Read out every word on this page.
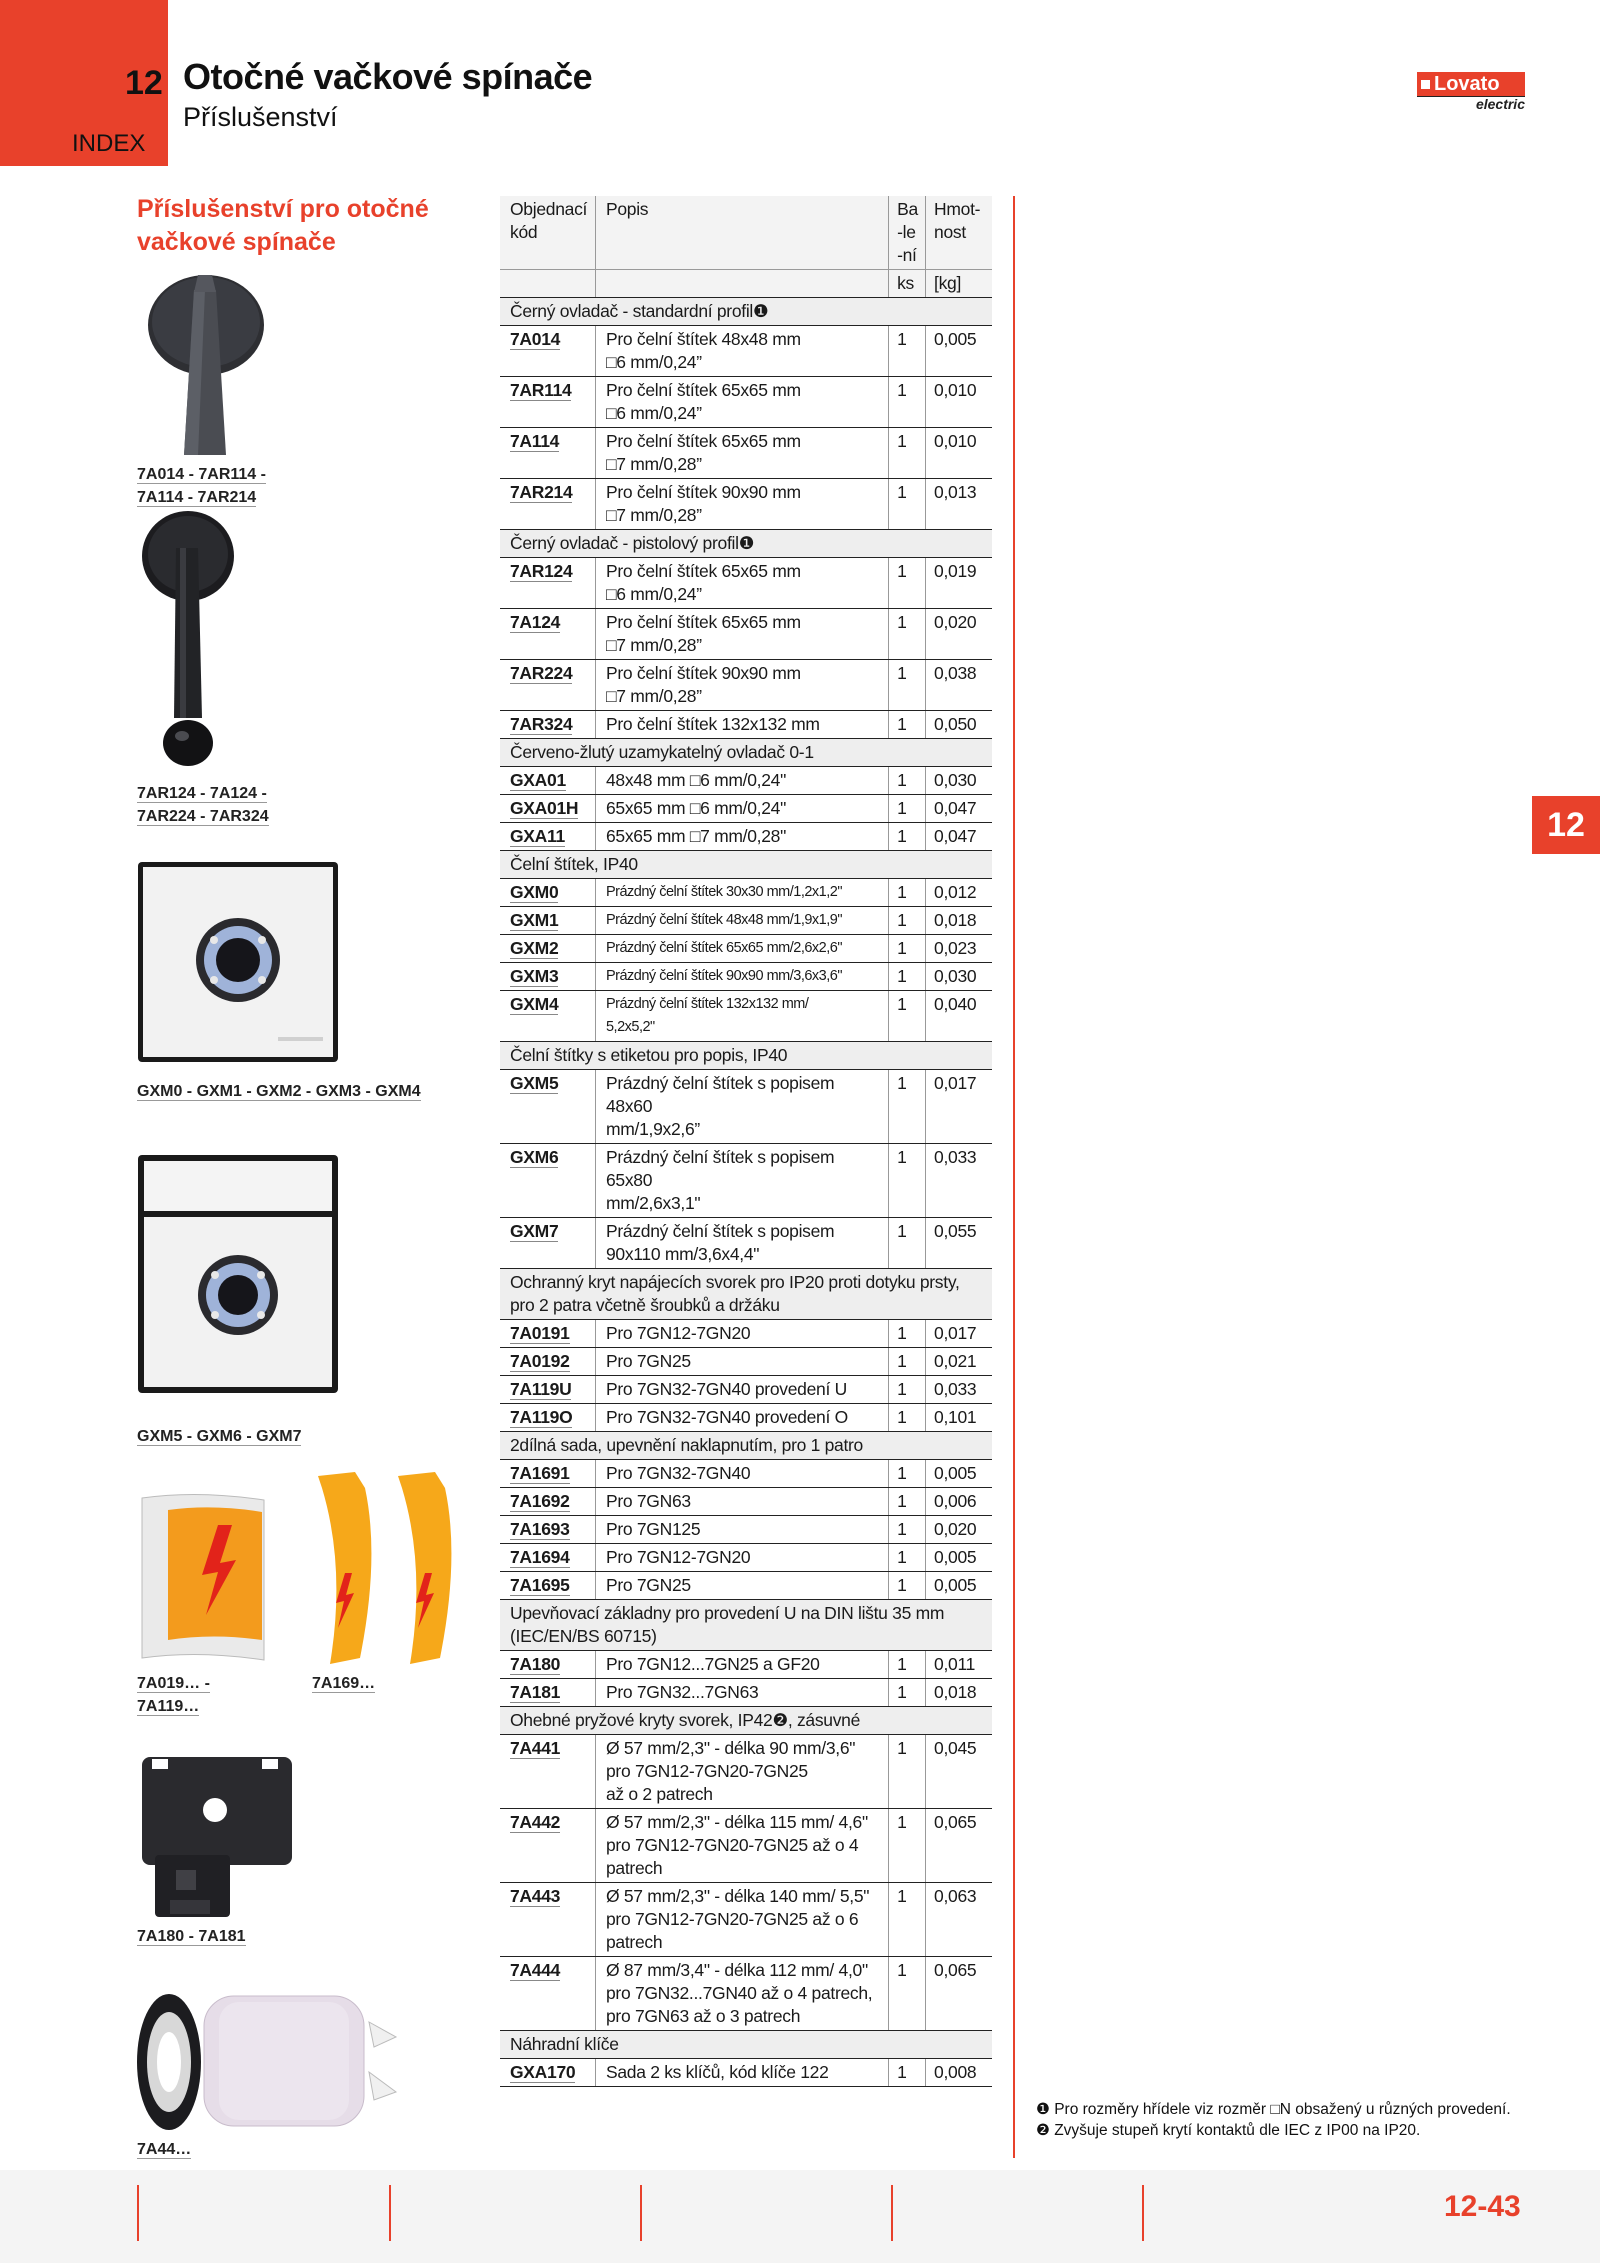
12
INDEX
Otočné vačkové spínače
Příslušenství
Lovato
electric
Příslušenství pro otočné
vačkové spínače
7A014 - 7AR114 -
7A114 - 7AR214
7AR124 - 7A124 -
7AR224 - 7AR324
GXM0 - GXM1 - GXM2 - GXM3 - GXM4
GXM5 - GXM6 - GXM7
7A019… -
7A119…
7A169…
7A180 - 7A181
7A44…
Objednací kód	Popis	Ba-le-ní	Hmot-nost
		ks	[kg]

Černý ovladač - standardní profil❶			

7A014	Pro čelní štítek 48x48 mm
□6 mm/0,24”	1	0,005
7AR114	Pro čelní štítek 65x65 mm
□6 mm/0,24”	1	0,010
7A114	Pro čelní štítek 65x65 mm
□7 mm/0,28”	1	0,010
7AR214	Pro čelní štítek 90x90 mm
□7 mm/0,28”	1	0,013

Černý ovladač - pistolový profil❶			

7AR124	Pro čelní štítek 65x65 mm
□6 mm/0,24”	1	0,019
7A124	Pro čelní štítek 65x65 mm
□7 mm/0,28”	1	0,020
7AR224	Pro čelní štítek 90x90 mm
□7 mm/0,28”	1	0,038
7AR324	Pro čelní štítek 132x132 mm	1	0,050

Červeno-žlutý uzamykatelný ovladač 0-1			

GXA01	48x48 mm □6 mm/0,24"	1	0,030
GXA01H	65x65 mm □6 mm/0,24"	1	0,047
GXA11	65x65 mm □7 mm/0,28"	1	0,047

Čelní štítek, IP40			

GXM0	Prázdný čelní štítek 30x30 mm/1,2x1,2"	1	0,012
GXM1	Prázdný čelní štítek 48x48 mm/1,9x1,9"	1	0,018
GXM2	Prázdný čelní štítek 65x65 mm/2,6x2,6"	1	0,023
GXM3	Prázdný čelní štítek 90x90 mm/3,6x3,6"	1	0,030
GXM4	Prázdný čelní štítek 132x132 mm/
5,2x5,2"	1	0,040

Čelní štítky s etiketou pro popis, IP40			

GXM5	Prázdný čelní štítek s popisem 48x60
mm/1,9x2,6”	1	0,017
GXM6	Prázdný čelní štítek s popisem 65x80
mm/2,6x3,1"	1	0,033
GXM7	Prázdný čelní štítek s popisem
90x110 mm/3,6x4,4"	1	0,055

Ochranný kryt napájecích svorek pro IP20 proti dotyku prsty,
pro 2 patra včetně šroubků a držáku			

7A0191	Pro 7GN12-7GN20	1	0,017
7A0192	Pro 7GN25	1	0,021
7A119U	Pro 7GN32-7GN40 provedení U	1	0,033
7A119O	Pro 7GN32-7GN40 provedení O	1	0,101

2dílná sada, upevnění naklapnutím, pro 1 patro			

7A1691	Pro 7GN32-7GN40	1	0,005
7A1692	Pro 7GN63	1	0,006
7A1693	Pro 7GN125	1	0,020
7A1694	Pro 7GN12-7GN20	1	0,005
7A1695	Pro 7GN25	1	0,005

Upevňovací základny pro provedení U na DIN lištu 35 mm
(IEC/EN/BS 60715)			

7A180	Pro 7GN12...7GN25 a GF20	1	0,011
7A181	Pro 7GN32...7GN63	1	0,018

Ohebné pryžové kryty svorek, IP42❷, zásuvné			

7A441	Ø 57 mm/2,3" - délka 90 mm/3,6"
pro 7GN12-7GN20-7GN25
až o 2 patrech	1	0,045
7A442	Ø 57 mm/2,3" - délka 115 mm/ 4,6"
pro 7GN12-7GN20-7GN25 až o 4
patrech	1	0,065
7A443	Ø 57 mm/2,3" - délka 140 mm/ 5,5"
pro 7GN12-7GN20-7GN25 až o 6
patrech	1	0,063
7A444	Ø 87 mm/3,4" - délka 112 mm/ 4,0"
pro 7GN32...7GN40 až o 4 patrech,
pro 7GN63 až o 3 patrech	1	0,065

Náhradní klíče			

GXA170	Sada 2 ks klíčů, kód klíče 122	1	0,008
12
❶ Pro rozměry hřídele viz rozměr □N obsažený u různých provedení.
❷ Zvyšuje stupeň krytí kontaktů dle IEC z IP00 na IP20.
12-43
